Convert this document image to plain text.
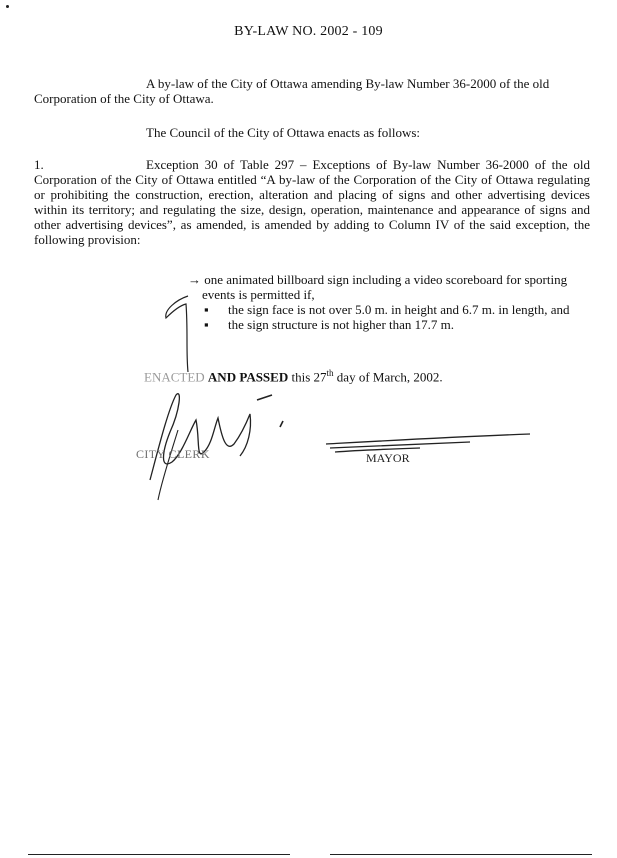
BY-LAW NO. 2002 - 109
A by-law of the City of Ottawa amending By-law Number 36-2000 of the old
Corporation of the City of Ottawa.
The Council of the City of Ottawa enacts as follows:
1.	Exception 30 of Table 297 – Exceptions of By-law Number 36-2000 of the old Corporation of the City of Ottawa entitled “A by-law of the Corporation of the City of Ottawa regulating or prohibiting the construction, erection, alteration and placing of signs and other advertising devices within its territory; and regulating the size, design, operation, maintenance and appearance of signs and other advertising devices”, as amended, is amended by adding to Column IV of the said exception, the following provision:
→ one animated billboard sign including a video scoreboard for sporting
events is permitted if,
▪ the sign face is not over 5.0 m. in height and 6.7 m. in length, and
▪ the sign structure is not higher than 17.7 m.
ENACTED AND PASSED this 27th day of March, 2002.
CITY CLERK	MAYOR
